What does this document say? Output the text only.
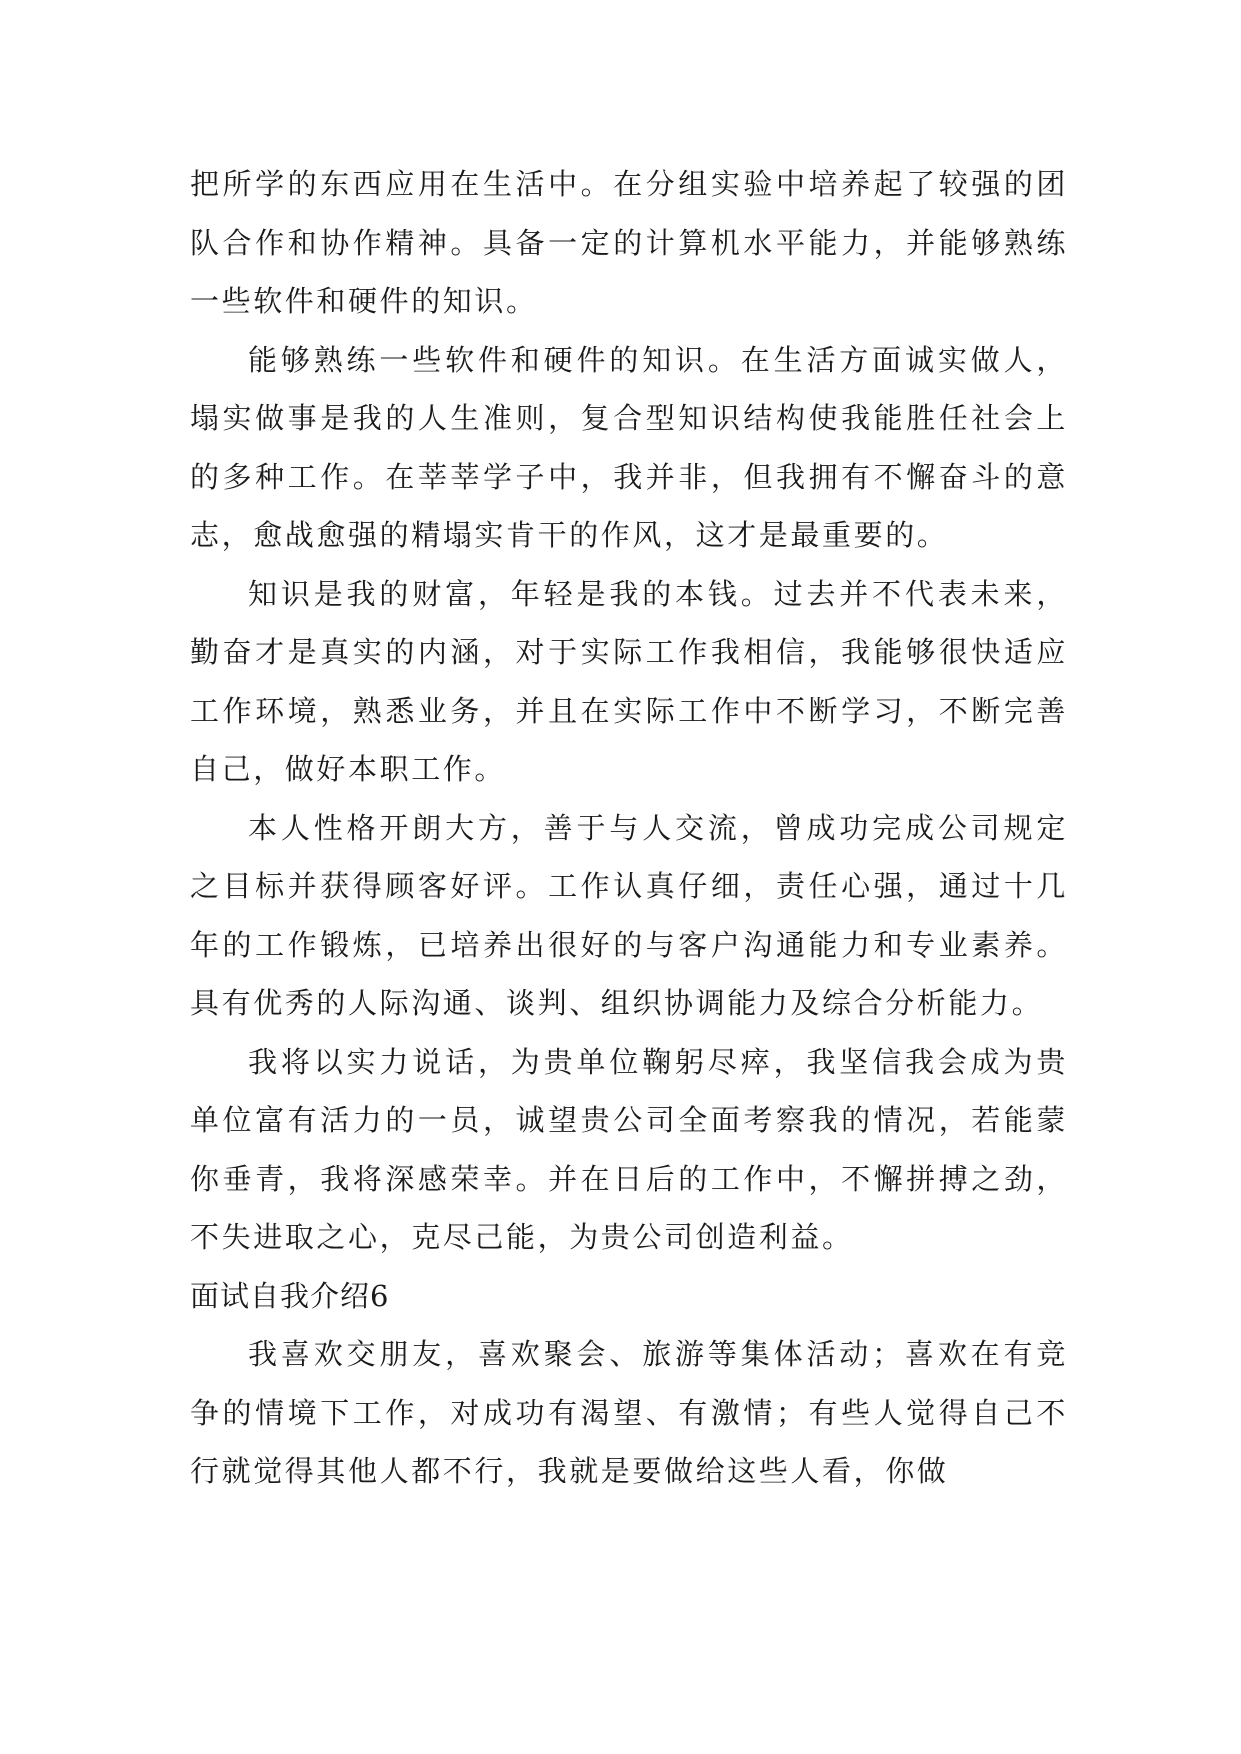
把所学的东西应用在生活中。在分组实验中培养起了较强的团队合作和协作精神。具备一定的计算机水平能力，并能够熟练一些软件和硬件的知识。

能够熟练一些软件和硬件的知识。在生活方面诚实做人，塌实做事是我的人生准则，复合型知识结构使我能胜任社会上的多种工作。在莘莘学子中，我并非，但我拥有不懈奋斗的意志，愈战愈强的精塌实肯干的作风，这才是最重要的。

知识是我的财富，年轻是我的本钱。过去并不代表未来，勤奋才是真实的内涵，对于实际工作我相信，我能够很快适应工作环境，熟悉业务，并且在实际工作中不断学习，不断完善自己，做好本职工作。

本人性格开朗大方，善于与人交流，曾成功完成公司规定之目标并获得顾客好评。工作认真仔细，责任心强，通过十几年的工作锻炼，已培养出很好的与客户沟通能力和专业素养。具有优秀的人际沟通、谈判、组织协调能力及综合分析能力。

我将以实力说话，为贵单位鞠躬尽瘁，我坚信我会成为贵单位富有活力的一员，诚望贵公司全面考察我的情况，若能蒙你垂青，我将深感荣幸。并在日后的工作中，不懈拼搏之劲，不失进取之心，克尽己能，为贵公司创造利益。

面试自我介绍6

我喜欢交朋友，喜欢聚会、旅游等集体活动；喜欢在有竞争的情境下工作，对成功有渴望、有激情；有些人觉得自己不行就觉得其他人都不行，我就是要做给这些人看，你做
